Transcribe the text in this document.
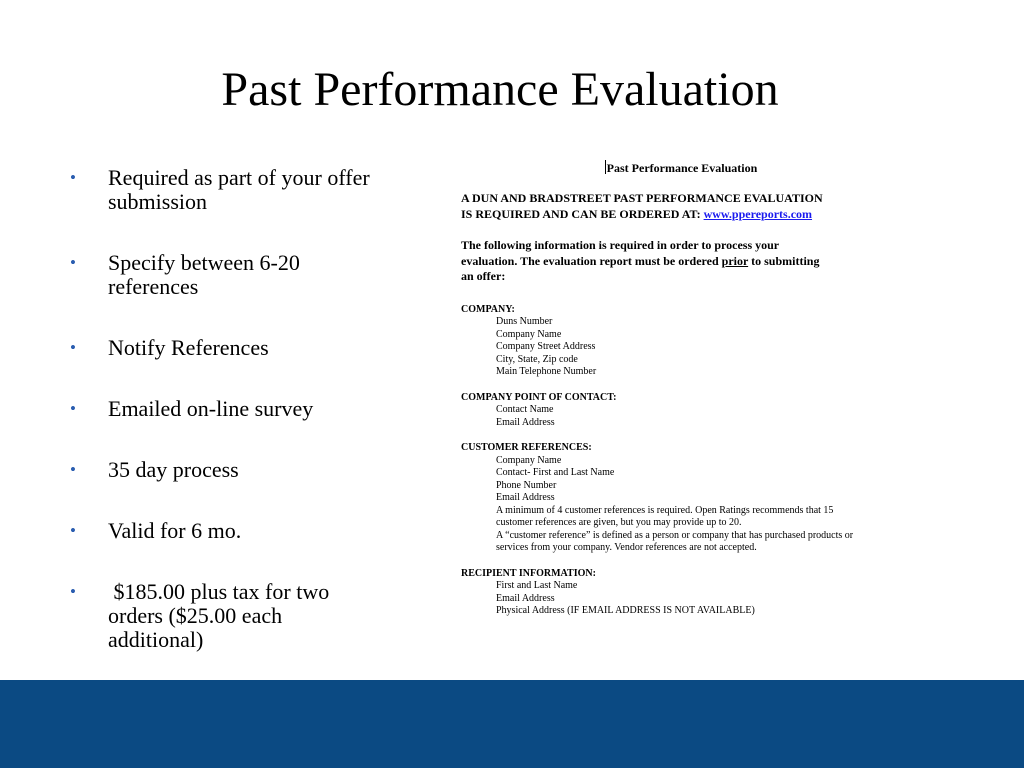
Past Performance Evaluation
• Required as part of your offer submission
• Specify between 6-20 references
• Notify References
• Emailed on-line survey
• 35 day process
• Valid for 6 mo.
• $185.00 plus tax for two orders ($25.00 each additional)
Past Performance Evaluation
A DUN AND BRADSTREET PAST PERFORMANCE EVALUATION
IS REQUIRED AND CAN BE ORDERED AT: www.ppereports.com
The following information is required in order to process your
evaluation. The evaluation report must be ordered prior to submitting
an offer:
COMPANY:
Duns Number
Company Name
Company Street Address
City, State, Zip code
Main Telephone Number
COMPANY POINT OF CONTACT:
Contact Name
Email Address
CUSTOMER REFERENCES:
Company Name
Contact- First and Last Name
Phone Number
Email Address
A minimum of 4 customer references is required. Open Ratings recommends that 15
customer references are given, but you may provide up to 20.
A “customer reference” is defined as a person or company that has purchased products or
services from your company. Vendor references are not accepted.
RECIPIENT INFORMATION:
First and Last Name
Email Address
Physical Address (IF EMAIL ADDRESS IS NOT AVAILABLE)
